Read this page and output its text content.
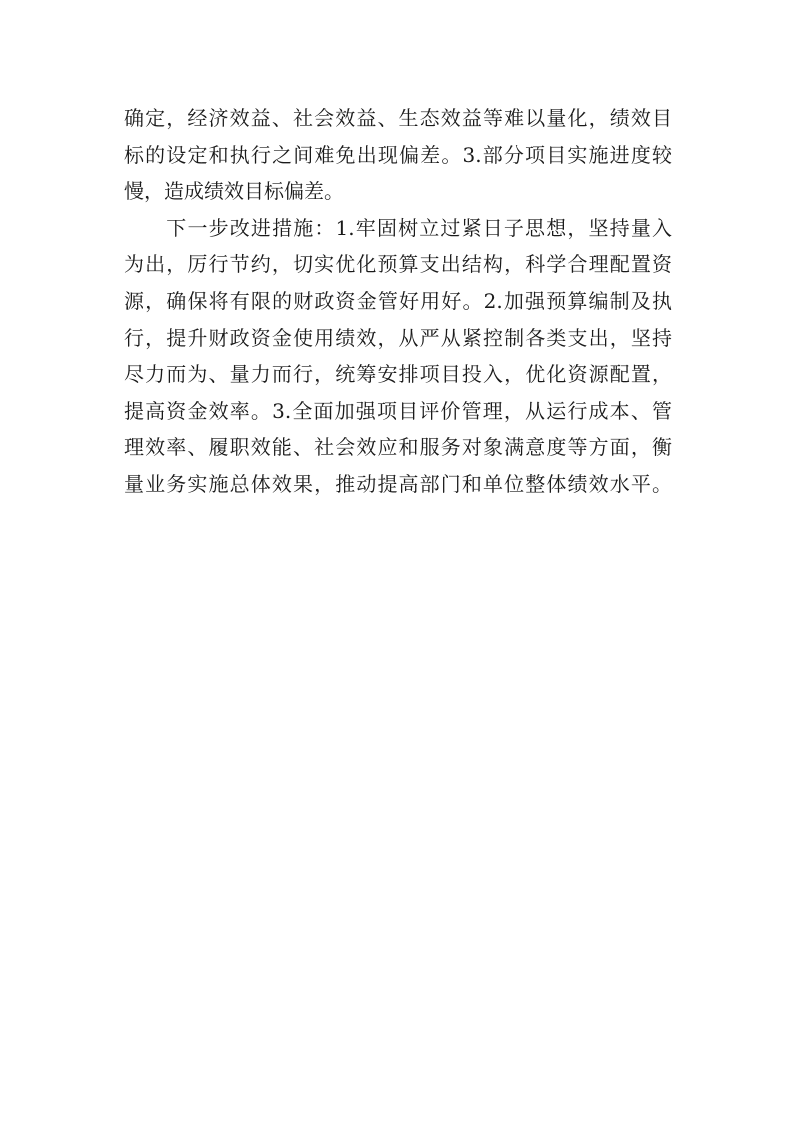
确定，经济效益、社会效益、生态效益等难以量化，绩效目
标的设定和执行之间难免出现偏差。3.部分项目实施进度较
慢，造成绩效目标偏差。
　　下一步改进措施：1.牢固树立过紧日子思想，坚持量入
为出，厉行节约，切实优化预算支出结构，科学合理配置资
源，确保将有限的财政资金管好用好。2.加强预算编制及执
行，提升财政资金使用绩效，从严从紧控制各类支出，坚持
尽力而为、量力而行，统筹安排项目投入，优化资源配置，
提高资金效率。3.全面加强项目评价管理，从运行成本、管
理效率、履职效能、社会效应和服务对象满意度等方面，衡
量业务实施总体效果，推动提高部门和单位整体绩效水平。
